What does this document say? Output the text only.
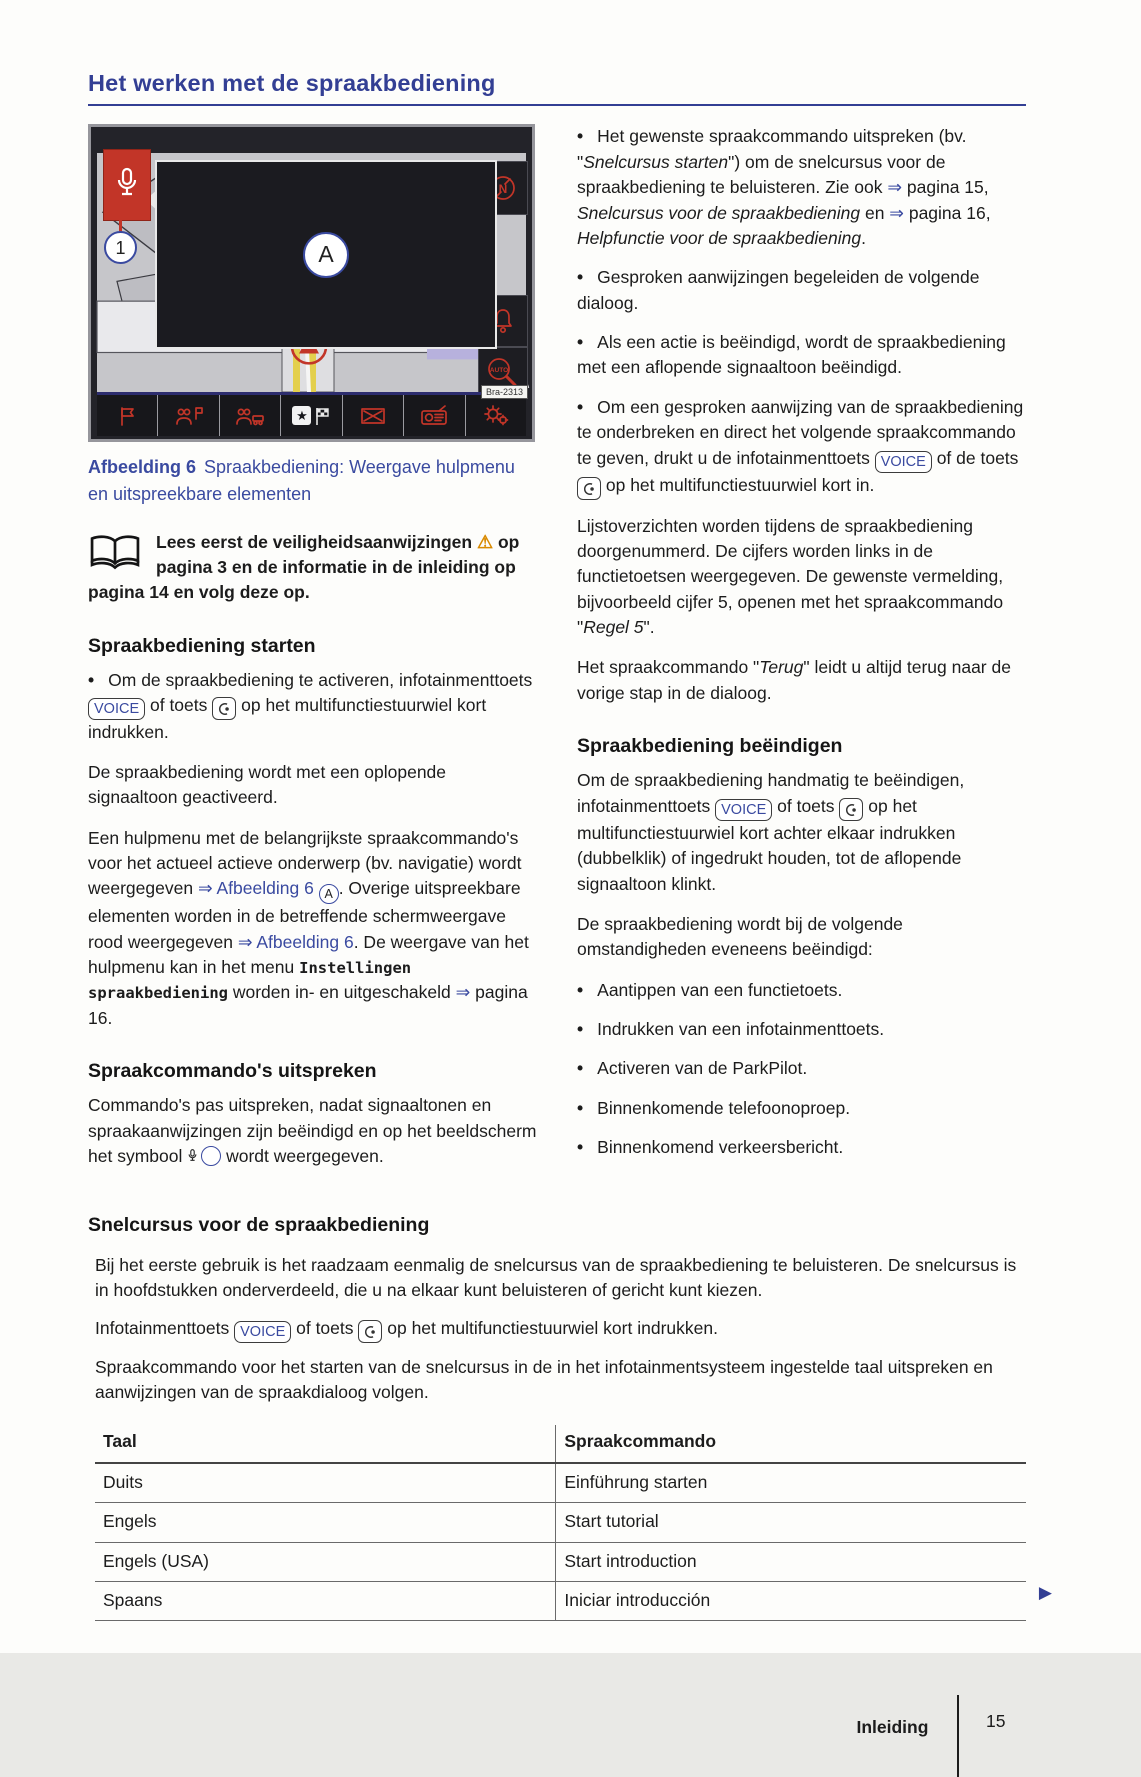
Het werken met de spraakbediening
N
AUTO
A
1
★
Bra-2313

Afbeelding 6 Spraakbediening: Weergave hulpmenu en uitspreekbare elementen

Lees eerst de veiligheidsaanwijzingen ⚠ op pagina 3 en de informatie in de inleiding op pagina 14 en volg deze op.
Spraakbediening starten

• Om de spraakbediening te activeren, infotainmenttoets VOICE of toets  op het multifunctiestuurwiel kort indrukken.

De spraakbediening wordt met een oplopende signaaltoon geactiveerd.

Een hulpmenu met de belangrijkste spraakcommando's voor het actueel actieve onderwerp (bv. navigatie) wordt weergegeven ⇒ Afbeelding 6 A . Overige uitspreekbare elementen worden in de betreffende schermweergave rood weergegeven ⇒ Afbeelding 6. De weergave van het hulpmenu kan in het menu Instellingen spraakbediening worden in- en uitgeschakeld ⇒ pagina 16.

Spraakcommando's uitspreken

Commando's pas uitspreken, nadat signaaltonen en spraakaanwijzingen zijn beëindigd en op het beeldscherm het symbool  wordt weergegeven.

• Het gewenste spraakcommando uitspreken (bv. "Snelcursus starten") om de snelcursus voor de spraakbediening te beluisteren. Zie ook ⇒ pagina 15, Snelcursus voor de spraakbediening en ⇒ pagina 16, Helpfunctie voor de spraakbediening.

• Gesproken aanwijzingen begeleiden de volgende dialoog.

• Als een actie is beëindigd, wordt de spraakbediening met een aflopende signaaltoon beëindigd.

• Om een gesproken aanwijzing van de spraakbediening te onderbreken en direct het volgende spraakcommando te geven, drukt u de infotainmenttoets VOICE of de toets  op het multifunctiestuurwiel kort in.

Lijstoverzichten worden tijdens de spraakbediening doorgenummerd. De cijfers worden links in de functietoetsen weergegeven. De gewenste vermelding, bijvoorbeeld cijfer 5, openen met het spraakcommando "Regel 5".

Het spraakcommando "Terug" leidt u altijd terug naar de vorige stap in de dialoog.

Spraakbediening beëindigen

Om de spraakbediening handmatig te beëindigen, infotainmenttoets VOICE of toets  op het multifunctiestuurwiel kort achter elkaar indrukken (dubbelklik) of ingedrukt houden, tot de aflopende signaaltoon klinkt.

De spraakbediening wordt bij de volgende omstandigheden eveneens beëindigd:

• Aantippen van een functietoets.

• Indrukken van een infotainmenttoets.

• Activeren van de ParkPilot.

• Binnenkomende telefoonoproep.

• Binnenkomend verkeersbericht.

Snelcursus voor de spraakbediening

Bij het eerste gebruik is het raadzaam eenmalig de snelcursus van de spraakbediening te beluisteren. De snelcursus is in hoofdstukken onderverdeeld, die u na elkaar kunt beluisteren of gericht kunt kiezen.

Infotainmenttoets VOICE of toets  op het multifunctiestuurwiel kort indrukken.

Spraakcommando voor het starten van de snelcursus in de in het infotainmentsysteem ingestelde taal uitspreken en aanwijzingen van de spraakdialoog volgen.

Taal	Spraakcommando
Duits	Einführung starten
Engels	Start tutorial
Engels (USA)	Start introduction
Spaans	Iniciar introducción	▶
Inleiding	15
